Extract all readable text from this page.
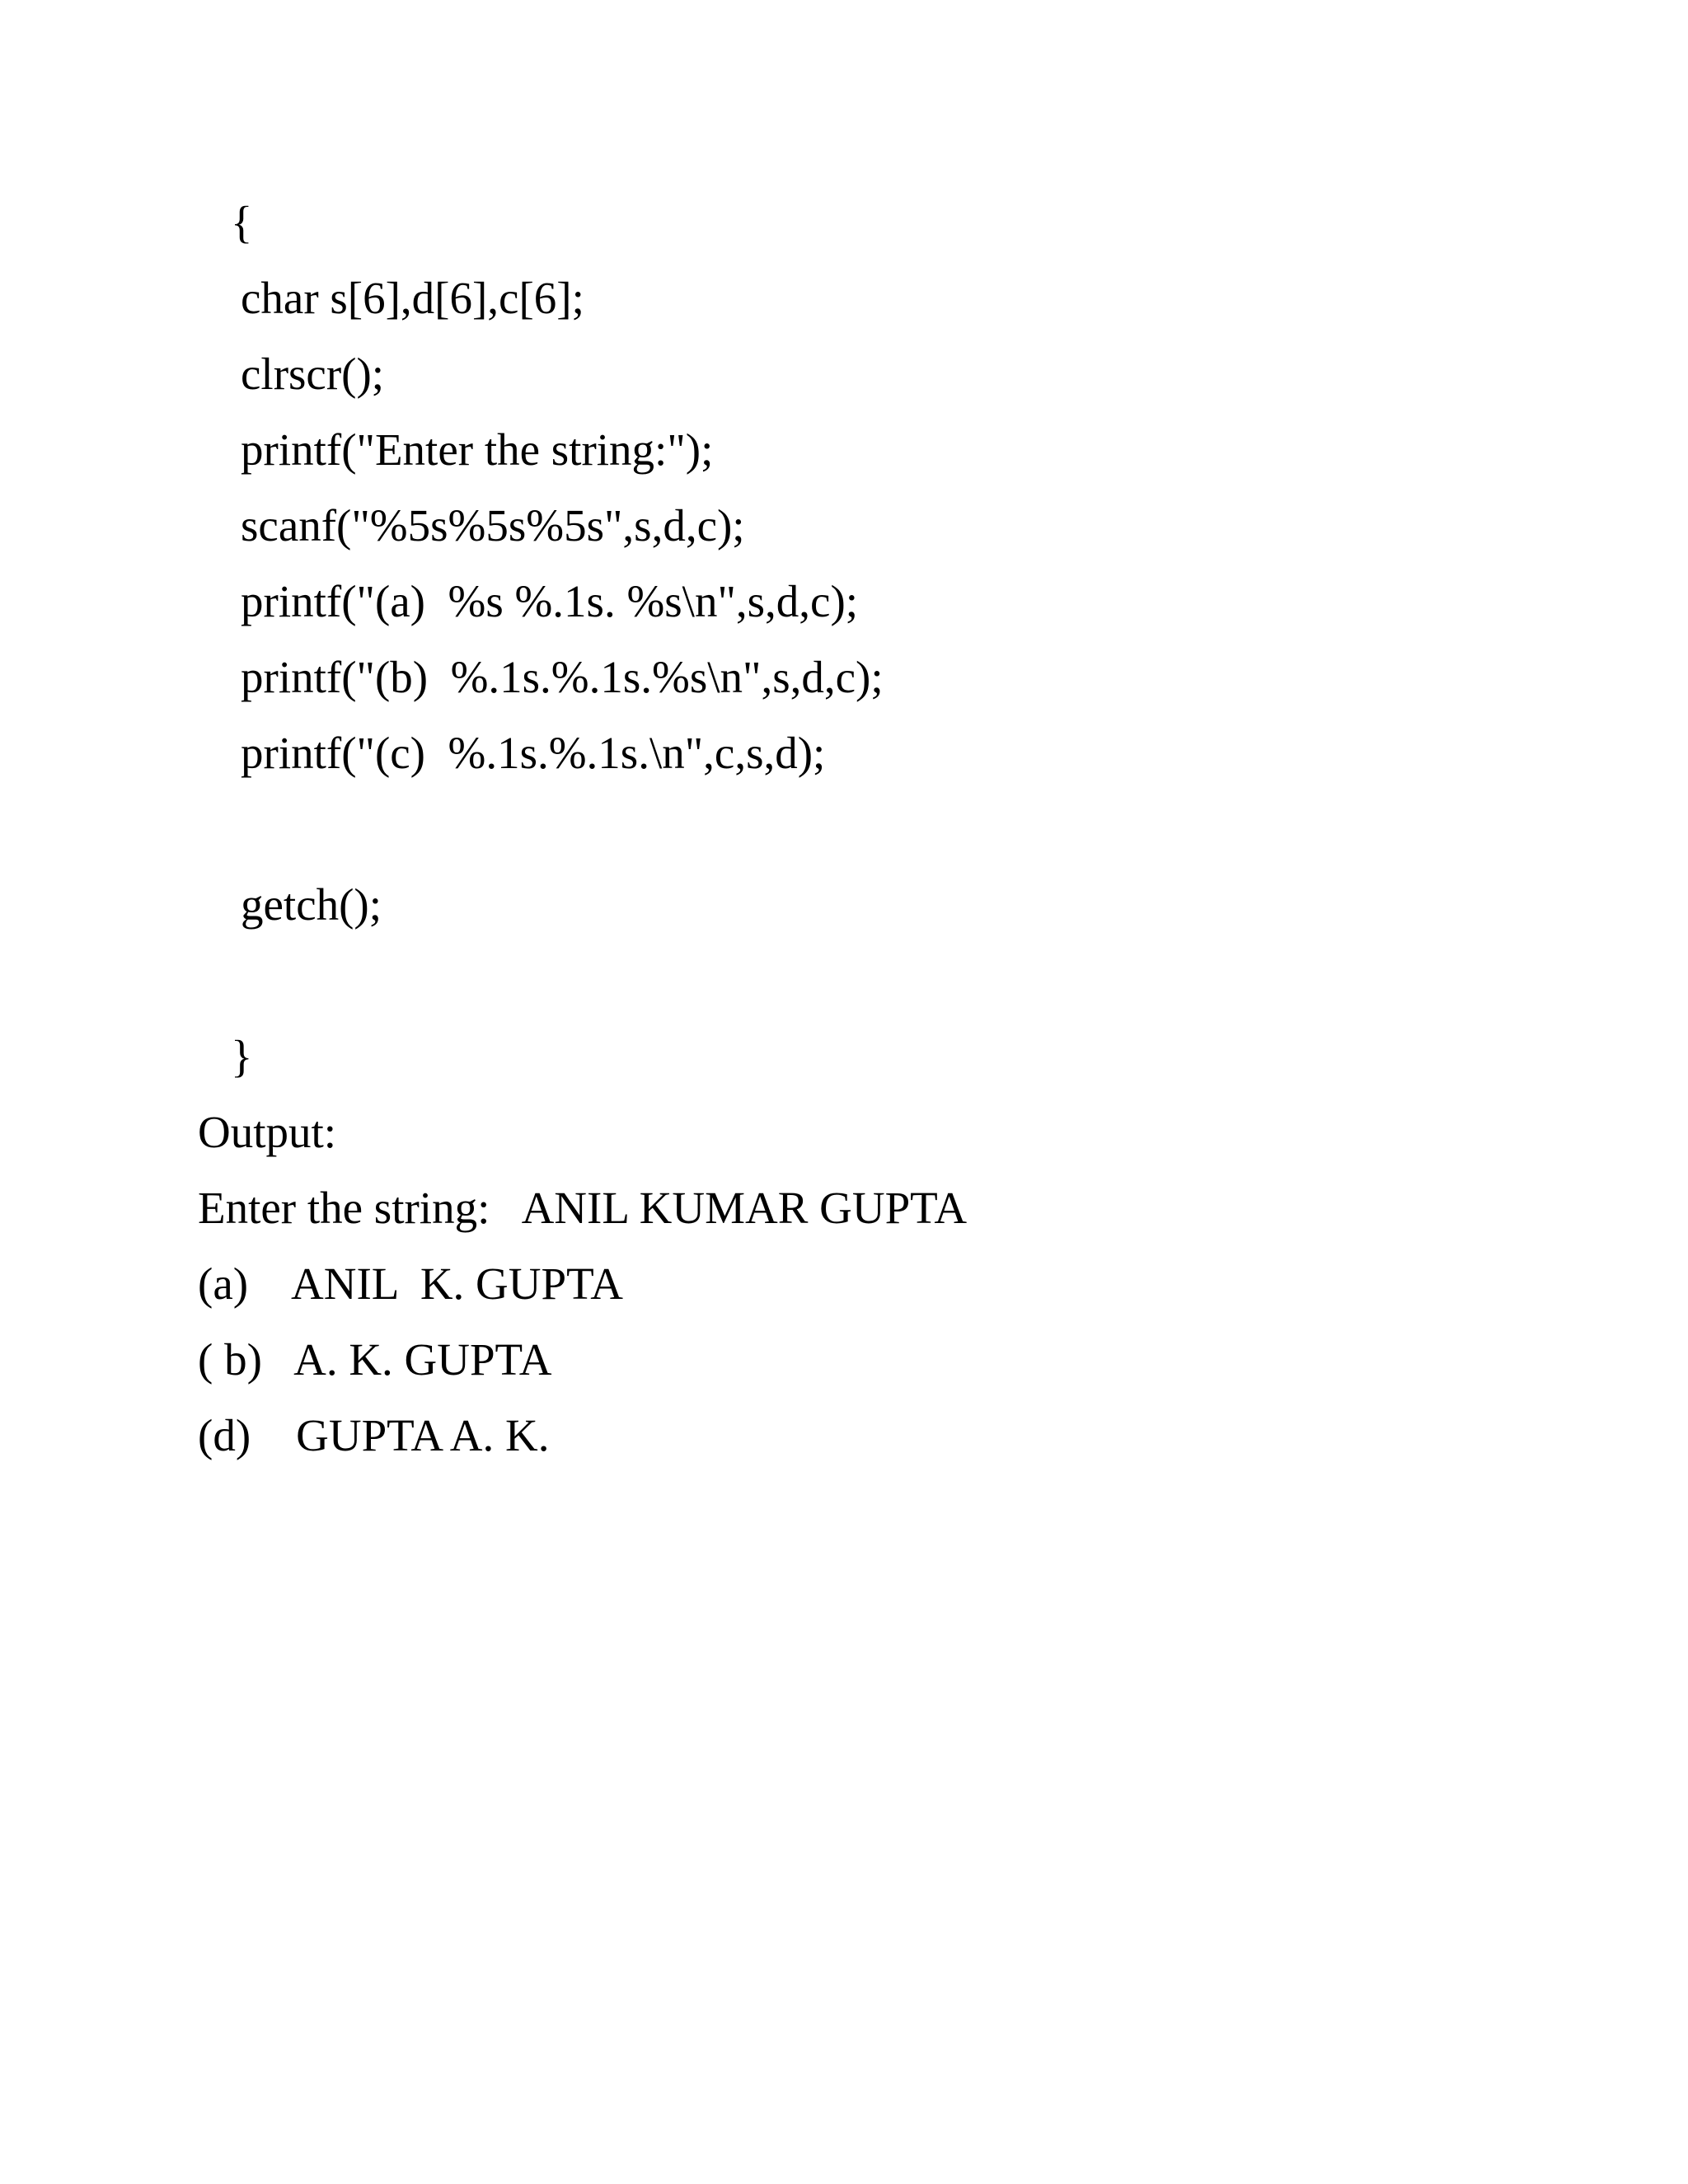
{

char s[6],d[6],c[6];

clrscr();

printf("Enter the string:");

scanf("%5s%5s%5s",s,d,c);

printf("(a)  %s %.1s. %s\n",s,d,c);

printf("(b)  %.1s.%.1s.%s\n",s,d,c);

printf("(c)  %.1s.%.1s.\n",c,s,d);

getch();

}

Output:

Enter the string:   ANIL KUMAR GUPTA

(a)    ANIL  K. GUPTA

( b)   A. K. GUPTA

(d)    GUPTA A. K.
